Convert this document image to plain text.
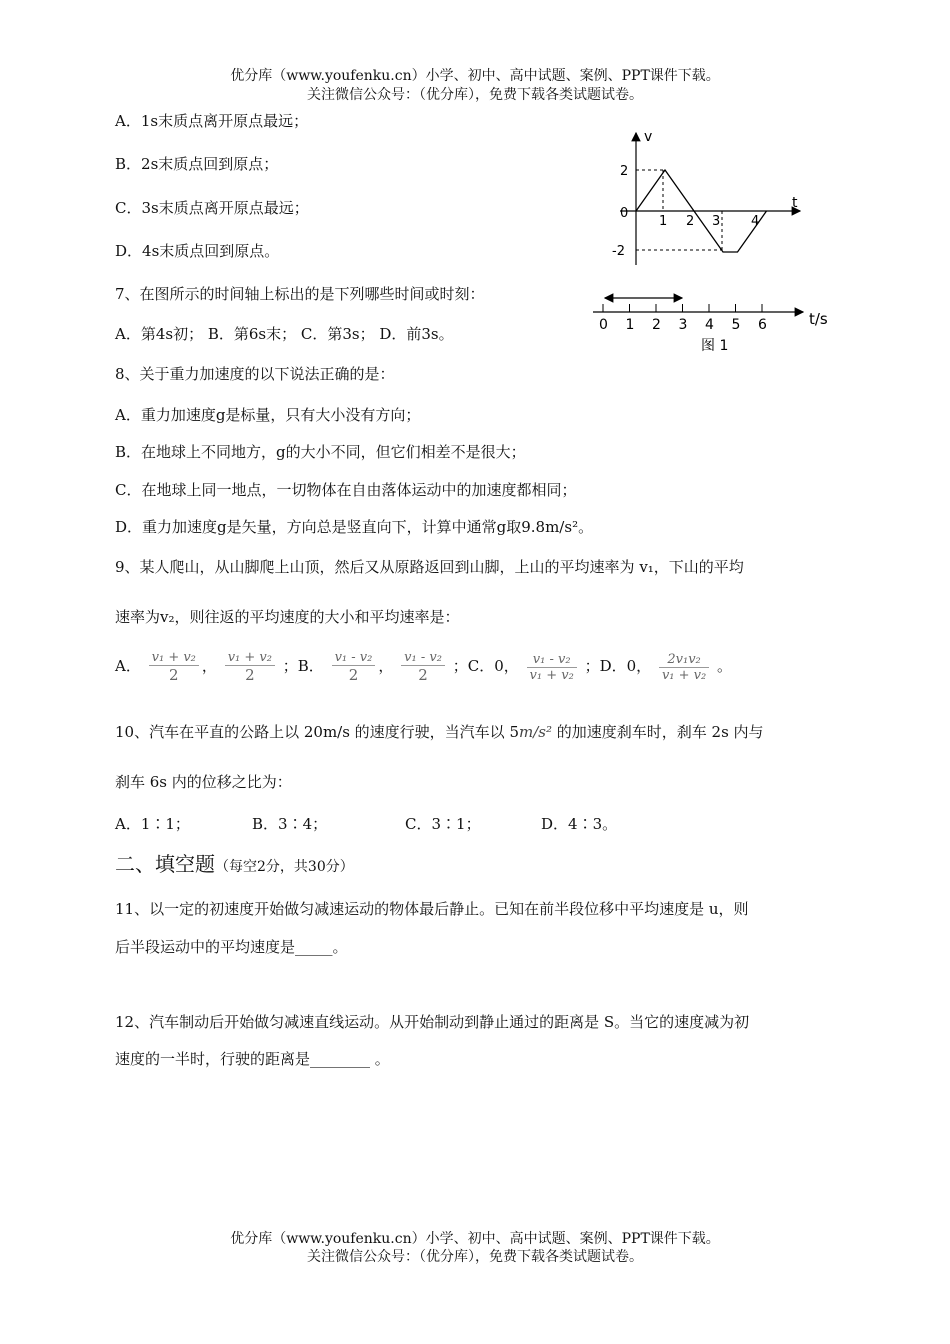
优分库（www.youfenku.cn）小学、初中、高中试题、案例、PPT课件下载。
关注微信公众号：（优分库），免费下载各类试题试卷。
A．1s末质点离开原点最远；
B．2s末质点回到原点；
C．3s末质点离开原点最远；
D．4s末质点回到原点。
v
t
2
0
-2
1 2 3 4
7、在图所示的时间轴上标出的是下列哪些时间或时刻：
A．第4s初； B．第6s末； C．第3s； D．前3s。	0 1 2 3 4 5 6	t/s
图 1
8、关于重力加速度的以下说法正确的是：
A．重力加速度g是标量，只有大小没有方向；
B．在地球上不同地方，g的大小不同，但它们相差不是很大；
C．在地球上同一地点，一切物体在自由落体运动中的加速度都相同；
D．重力加速度g是矢量，方向总是竖直向下，计算中通常g取9.8m/s²。
9、某人爬山，从山脚爬上山顶，然后又从原路返回到山脚，上山的平均速率为 v₁，下山的平均
速率为v₂，则往返的平均速度的大小和平均速率是：
A． $\frac{\text{v₁ + v₂}}{2}$ ， $\frac{\text{v₁ + v₂}}{2}$ ；B． $\frac{\text{v₁ - v₂}}{2}$ ， $\frac{\text{v₁ - v₂}}{2}$ ；C．0， $\frac{\text{v₁ - v₂}}{\text{v₁ + v₂}}$ ；D．0， $\frac{\text{2v₁v₂}}{\text{v₁ + v₂}}$ 。
10、汽车在平直的公路上以 20m/s 的速度行驶，当汽车以 5m/s² 的加速度刹车时，刹车 2s 内与
刹车 6s 内的位移之比为：
A．1∶1；	B．3∶4；	C．3∶1；	D．4∶3。
二、填空题（每空2分，共30分）
11、以一定的初速度开始做匀减速运动的物体最后静止。已知在前半段位移中平均速度是 u，则
后半段运动中的平均速度是_____。
12、汽车制动后开始做匀减速直线运动。从开始制动到静止通过的距离是 S。当它的速度减为初
速度的一半时，行驶的距离是________ 。
优分库（www.youfenku.cn）小学、初中、高中试题、案例、PPT课件下载。
关注微信公众号：（优分库），免费下载各类试题试卷。
